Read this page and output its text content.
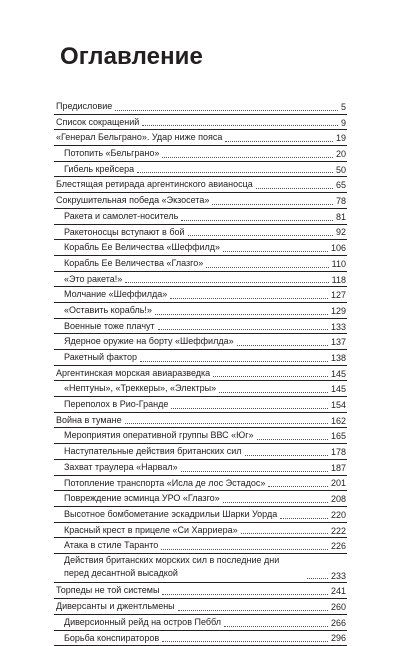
Оглавление
Предисловие	5
Список сокращений	9
«Генерал Бельграно». Удар ниже пояса	19
Потопить «Бельграно»	20
Гибель крейсера	50
Блестящая ретирада аргентинского авианосца	65
Сокрушительная победа «Экзосета»	78
Ракета и самолет-носитель	81
Ракетоносцы вступают в бой	92
Корабль Ее Величества «Шеффилд»	106
Корабль Ее Величества «Глазго»	110
«Это ракета!»	118
Молчание «Шеффилда»	127
«Оставить корабль!»	129
Военные тоже плачут	133
Ядерное оружие на борту «Шеффилда»	137
Ракетный фактор	138
Аргентинская морская авиаразведка	145
«Нептуны», «Треккеры», «Электры»	145
Переполох в Рио-Гранде	154
Война в тумане	162
Мероприятия оперативной группы ВВС «Юг»	165
Наступательные действия британских сил	178
Захват траулера «Нарвал»	187
Потопление транспорта «Исла де лос Эстадос»	201
Повреждение эсминца УРО «Глазго»	208
Высотное бомбометание эскадрильи Шарки Уорда	220
Красный крест в прицеле «Си Харриера»	222
Атака в стиле Таранто	226
Действия британских морских сил в последние дни перед десантной высадкой	233
Торпеды не той системы	241
Диверсанты и джентльмены	260
Диверсионный рейд на остров Пеббл	266
Борьба конспираторов	296
